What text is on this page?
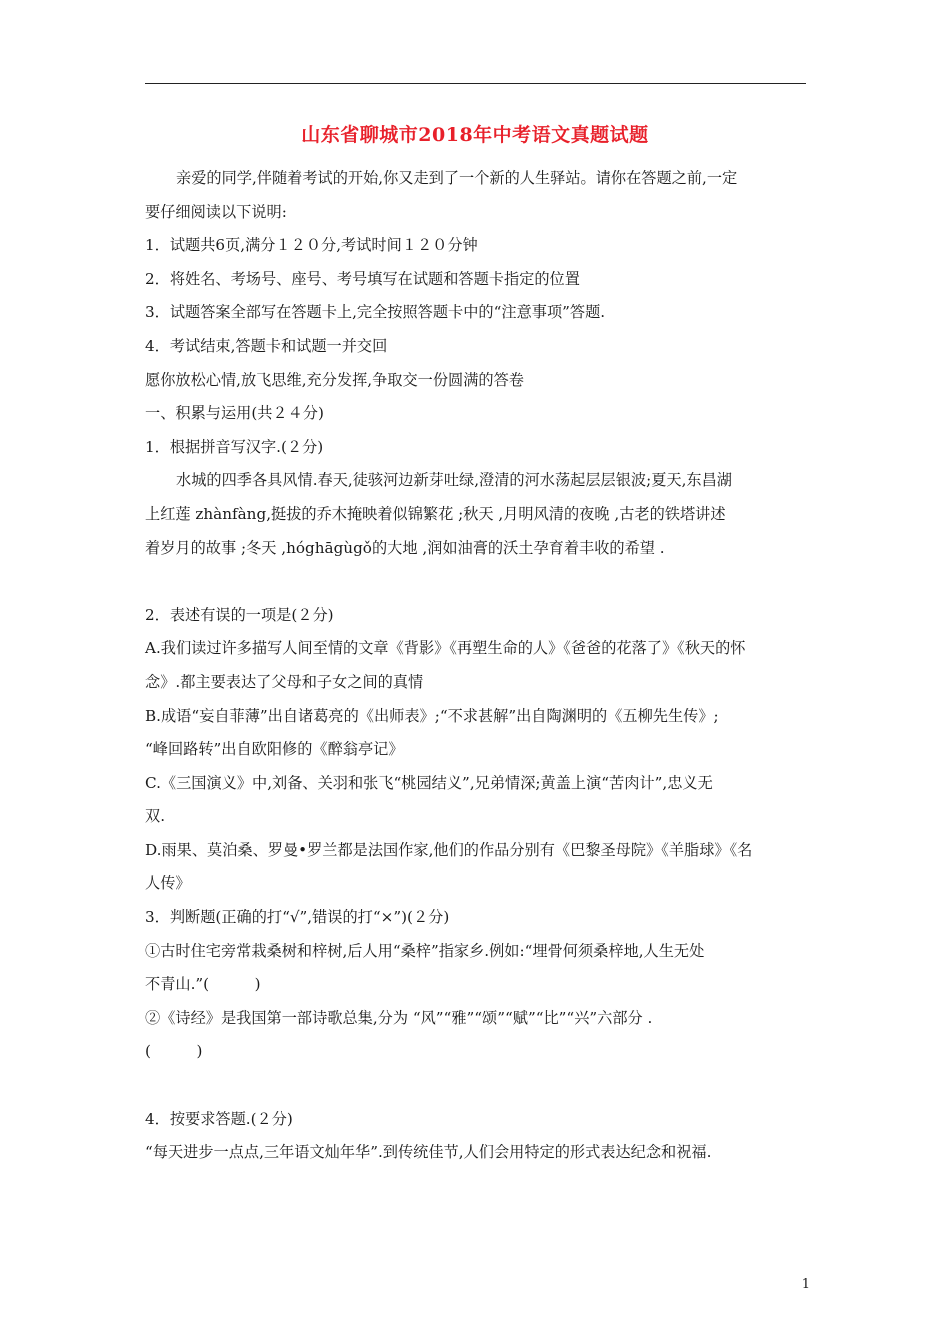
山东省聊城市2018年中考语文真题试题

亲爱的同学,伴随着考试的开始,你又走到了一个新的人生驿站。请你在答题之前,一定

要仔细阅读以下说明:

1．试题共6页,满分１２０分,考试时间１２０分钟

2．将姓名、考场号、座号、考号填写在试题和答题卡指定的位置

3．试题答案全部写在答题卡上,完全按照答题卡中的“注意事项”答题.

4．考试结束,答题卡和试题一并交回

愿你放松心情,放飞思维,充分发挥,争取交一份圆满的答卷

一、积累与运用(共２４分)

1．根据拼音写汉字.(２分)

水城的四季各具风情.春天,徒骇河边新芽吐绿,澄清的河水荡起层层银波;夏天,东昌湖

上红莲 zhànfàng,挺拔的乔木掩映着似锦繁花 ;秋天 ,月明风清的夜晚 ,古老的铁塔讲述

着岁月的故事 ;冬天 ,hóghāgùgǒ的大地 ,润如油膏的沃土孕育着丰收的希望 .

2．表述有误的一项是(２分)

A.我们读过许多描写人间至情的文章《背影》《再塑生命的人》《爸爸的花落了》《秋天的怀

念》.都主要表达了父母和子女之间的真情

B.成语“妄自菲薄”出自诸葛亮的《出师表》;“不求甚解”出自陶渊明的《五柳先生传》;

“峰回路转”出自欧阳修的《醉翁亭记》

C.《三国演义》中,刘备、关羽和张飞“桃园结义”,兄弟情深;黄盖上演“苦肉计”,忠义无

双.

D.雨果、莫泊桑、罗曼•罗兰都是法国作家,他们的作品分别有《巴黎圣母院》《羊脂球》《名

人传》

3．判断题(正确的打“√”,错误的打“×”)(２分)

①古时住宅旁常栽桑树和梓树,后人用“桑梓”指家乡.例如:“埋骨何须桑梓地,人生无处

不青山.”(　　　)

②《诗经》是我国第一部诗歌总集,分为 “风”“雅”“颂”“赋”“比”“兴”六部分 .

(　　　)

4．按要求答题.(２分)

“每天进步一点点,三年语文灿年华”.到传统佳节,人们会用特定的形式表达纪念和祝福.

1
